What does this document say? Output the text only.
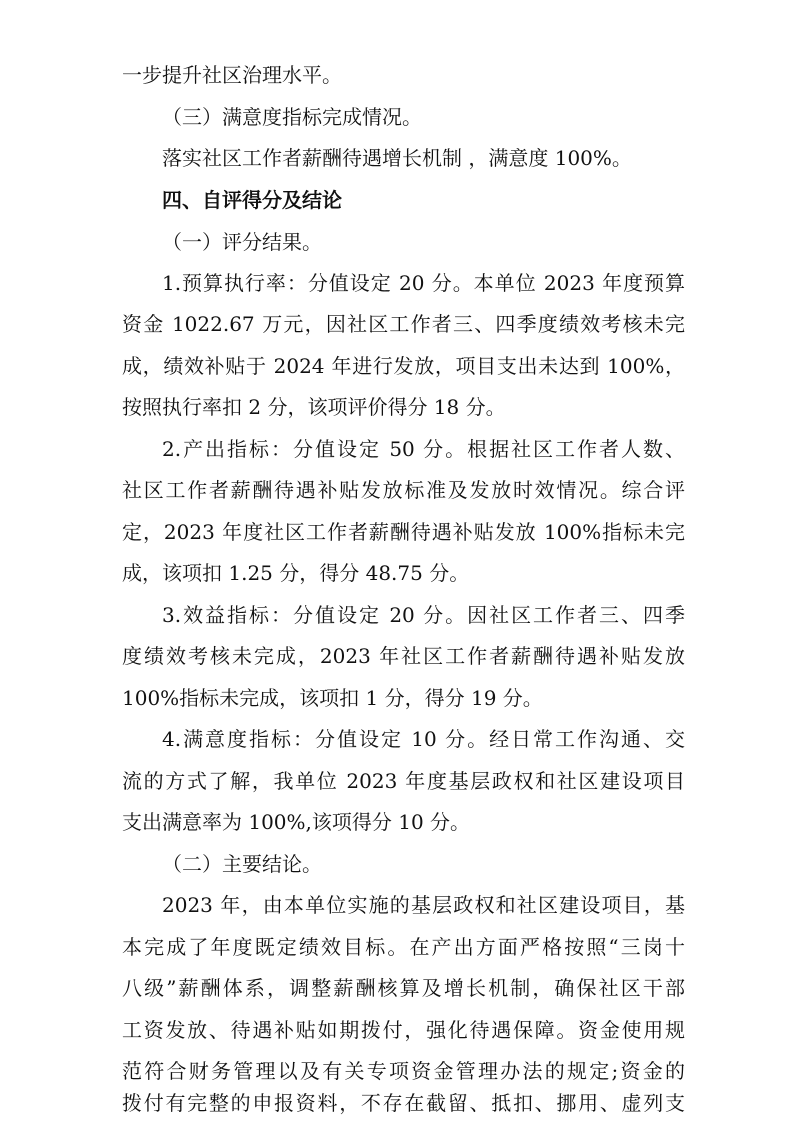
一步提升社区治理水平。
（三）满意度指标完成情况。
落实社区工作者薪酬待遇增长机制 ，满意度 100%。
四、自评得分及结论
（一）评分结果。
1.预算执行率：分值设定 20 分。本单位 2023 年度预算
资金 1022.67 万元，因社区工作者三、四季度绩效考核未完
成，绩效补贴于 2024 年进行发放，项目支出未达到 100%，
按照执行率扣 2 分，该项评价得分 18 分。
2.产出指标：分值设定 50 分。根据社区工作者人数、
社区工作者薪酬待遇补贴发放标准及发放时效情况。综合评
定，2023 年度社区工作者薪酬待遇补贴发放 100%指标未完
成，该项扣 1.25 分，得分 48.75 分。
3.效益指标：分值设定 20 分。因社区工作者三、四季
度绩效考核未完成，2023 年社区工作者薪酬待遇补贴发放
100%指标未完成，该项扣 1 分，得分 19 分。
4.满意度指标：分值设定 10 分。经日常工作沟通、交
流的方式了解，我单位 2023 年度基层政权和社区建设项目
支出满意率为 100%,该项得分 10 分。
（二）主要结论。
2023 年，由本单位实施的基层政权和社区建设项目，基
本完成了年度既定绩效目标。在产出方面严格按照“三岗十
八级”薪酬体系，调整薪酬核算及增长机制，确保社区干部
工资发放、待遇补贴如期拨付，强化待遇保障。资金使用规
范符合财务管理以及有关专项资金管理办法的规定;资金的
拨付有完整的申报资料，不存在截留、抵扣、挪用、虚列支
